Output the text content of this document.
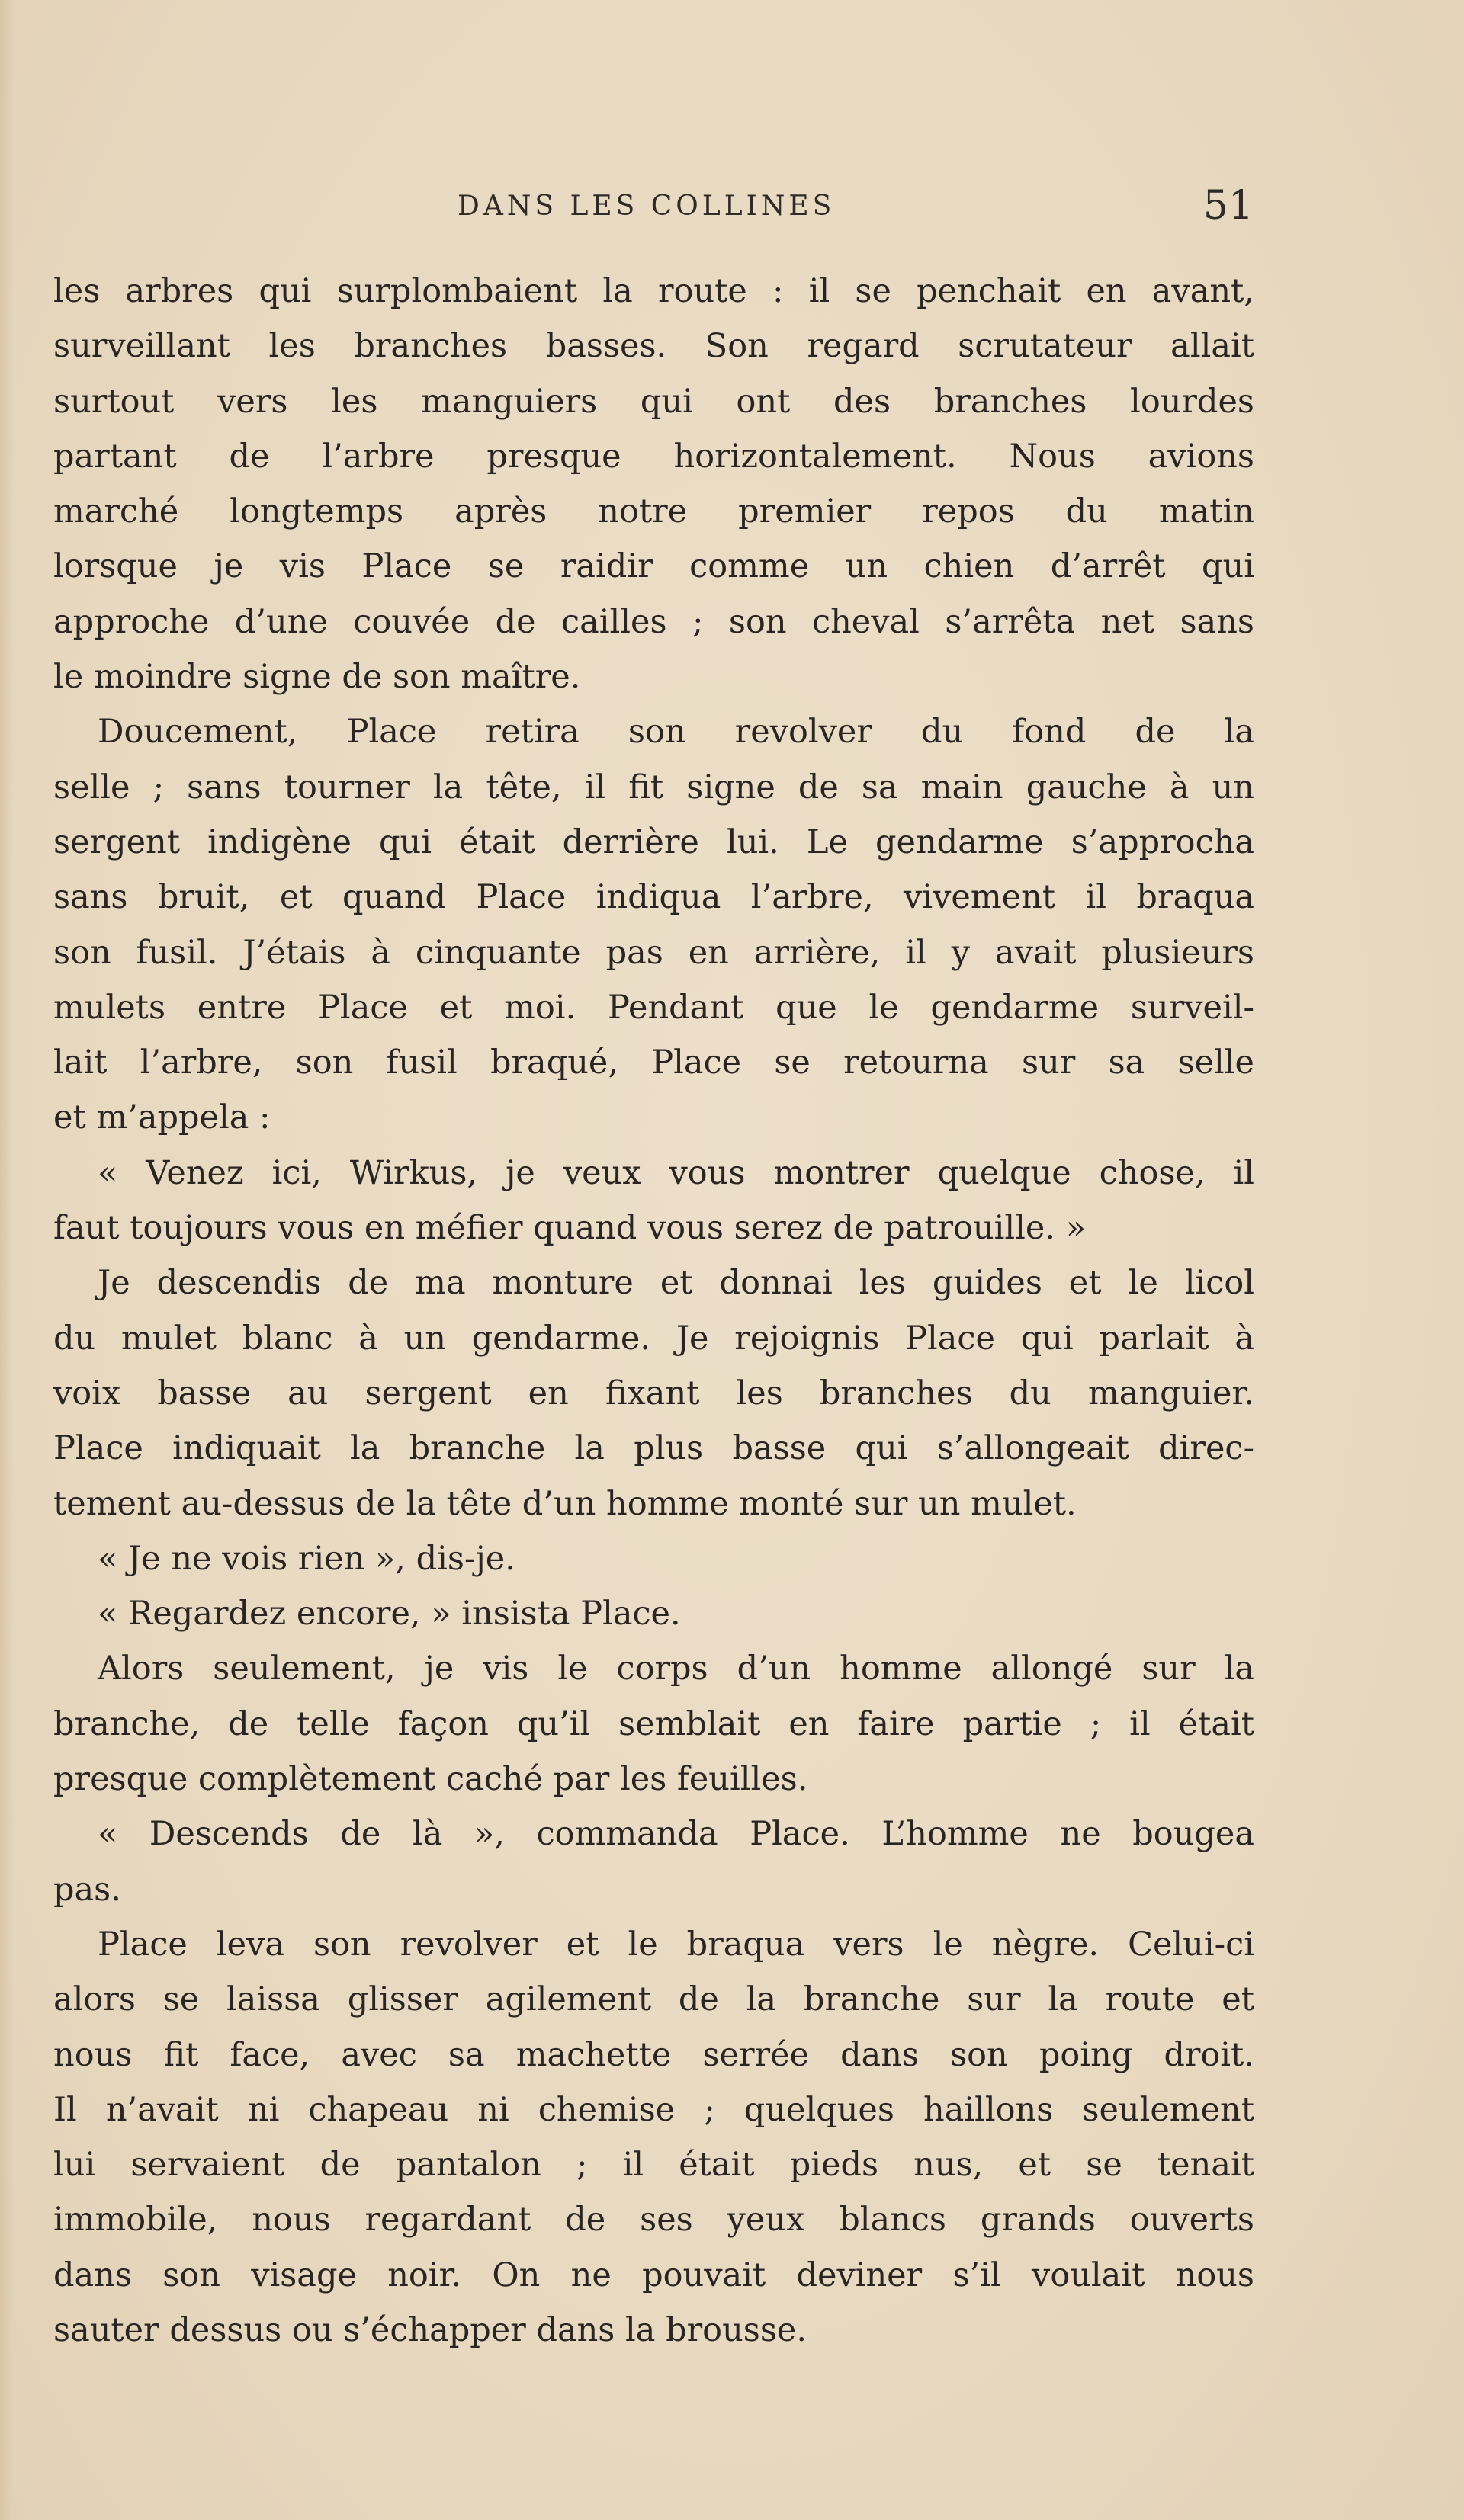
DANS LES COLLINES	51
les arbres qui surplombaient la route : il se penchait en avant,
surveillant les branches basses. Son regard scrutateur allait
surtout vers les manguiers qui ont des branches lourdes
partant de l’arbre presque horizontalement. Nous avions
marché longtemps après notre premier repos du matin
lorsque je vis Place se raidir comme un chien d’arrêt qui
approche d’une couvée de cailles ; son cheval s’arrêta net sans
le moindre signe de son maître.
Doucement, Place retira son revolver du fond de la
selle ; sans tourner la tête, il fit signe de sa main gauche à un
sergent indigène qui était derrière lui. Le gendarme s’approcha
sans bruit, et quand Place indiqua l’arbre, vivement il braqua
son fusil. J’étais à cinquante pas en arrière, il y avait plusieurs
mulets entre Place et moi. Pendant que le gendarme surveil-
lait l’arbre, son fusil braqué, Place se retourna sur sa selle
et m’appela :
« Venez ici, Wirkus, je veux vous montrer quelque chose, il
faut toujours vous en méfier quand vous serez de patrouille. »
Je descendis de ma monture et donnai les guides et le licol
du mulet blanc à un gendarme. Je rejoignis Place qui parlait à
voix basse au sergent en fixant les branches du manguier.
Place indiquait la branche la plus basse qui s’allongeait direc-
tement au-dessus de la tête d’un homme monté sur un mulet.
« Je ne vois rien », dis-je.
« Regardez encore, » insista Place.
Alors seulement, je vis le corps d’un homme allongé sur la
branche, de telle façon qu’il semblait en faire partie ; il était
presque complètement caché par les feuilles.
« Descends de là », commanda Place. L’homme ne bougea
pas.
Place leva son revolver et le braqua vers le nègre. Celui-ci
alors se laissa glisser agilement de la branche sur la route et
nous fit face, avec sa machette serrée dans son poing droit.
Il n’avait ni chapeau ni chemise ; quelques haillons seulement
lui servaient de pantalon ; il était pieds nus, et se tenait
immobile, nous regardant de ses yeux blancs grands ouverts
dans son visage noir. On ne pouvait deviner s’il voulait nous
sauter dessus ou s’échapper dans la brousse.
